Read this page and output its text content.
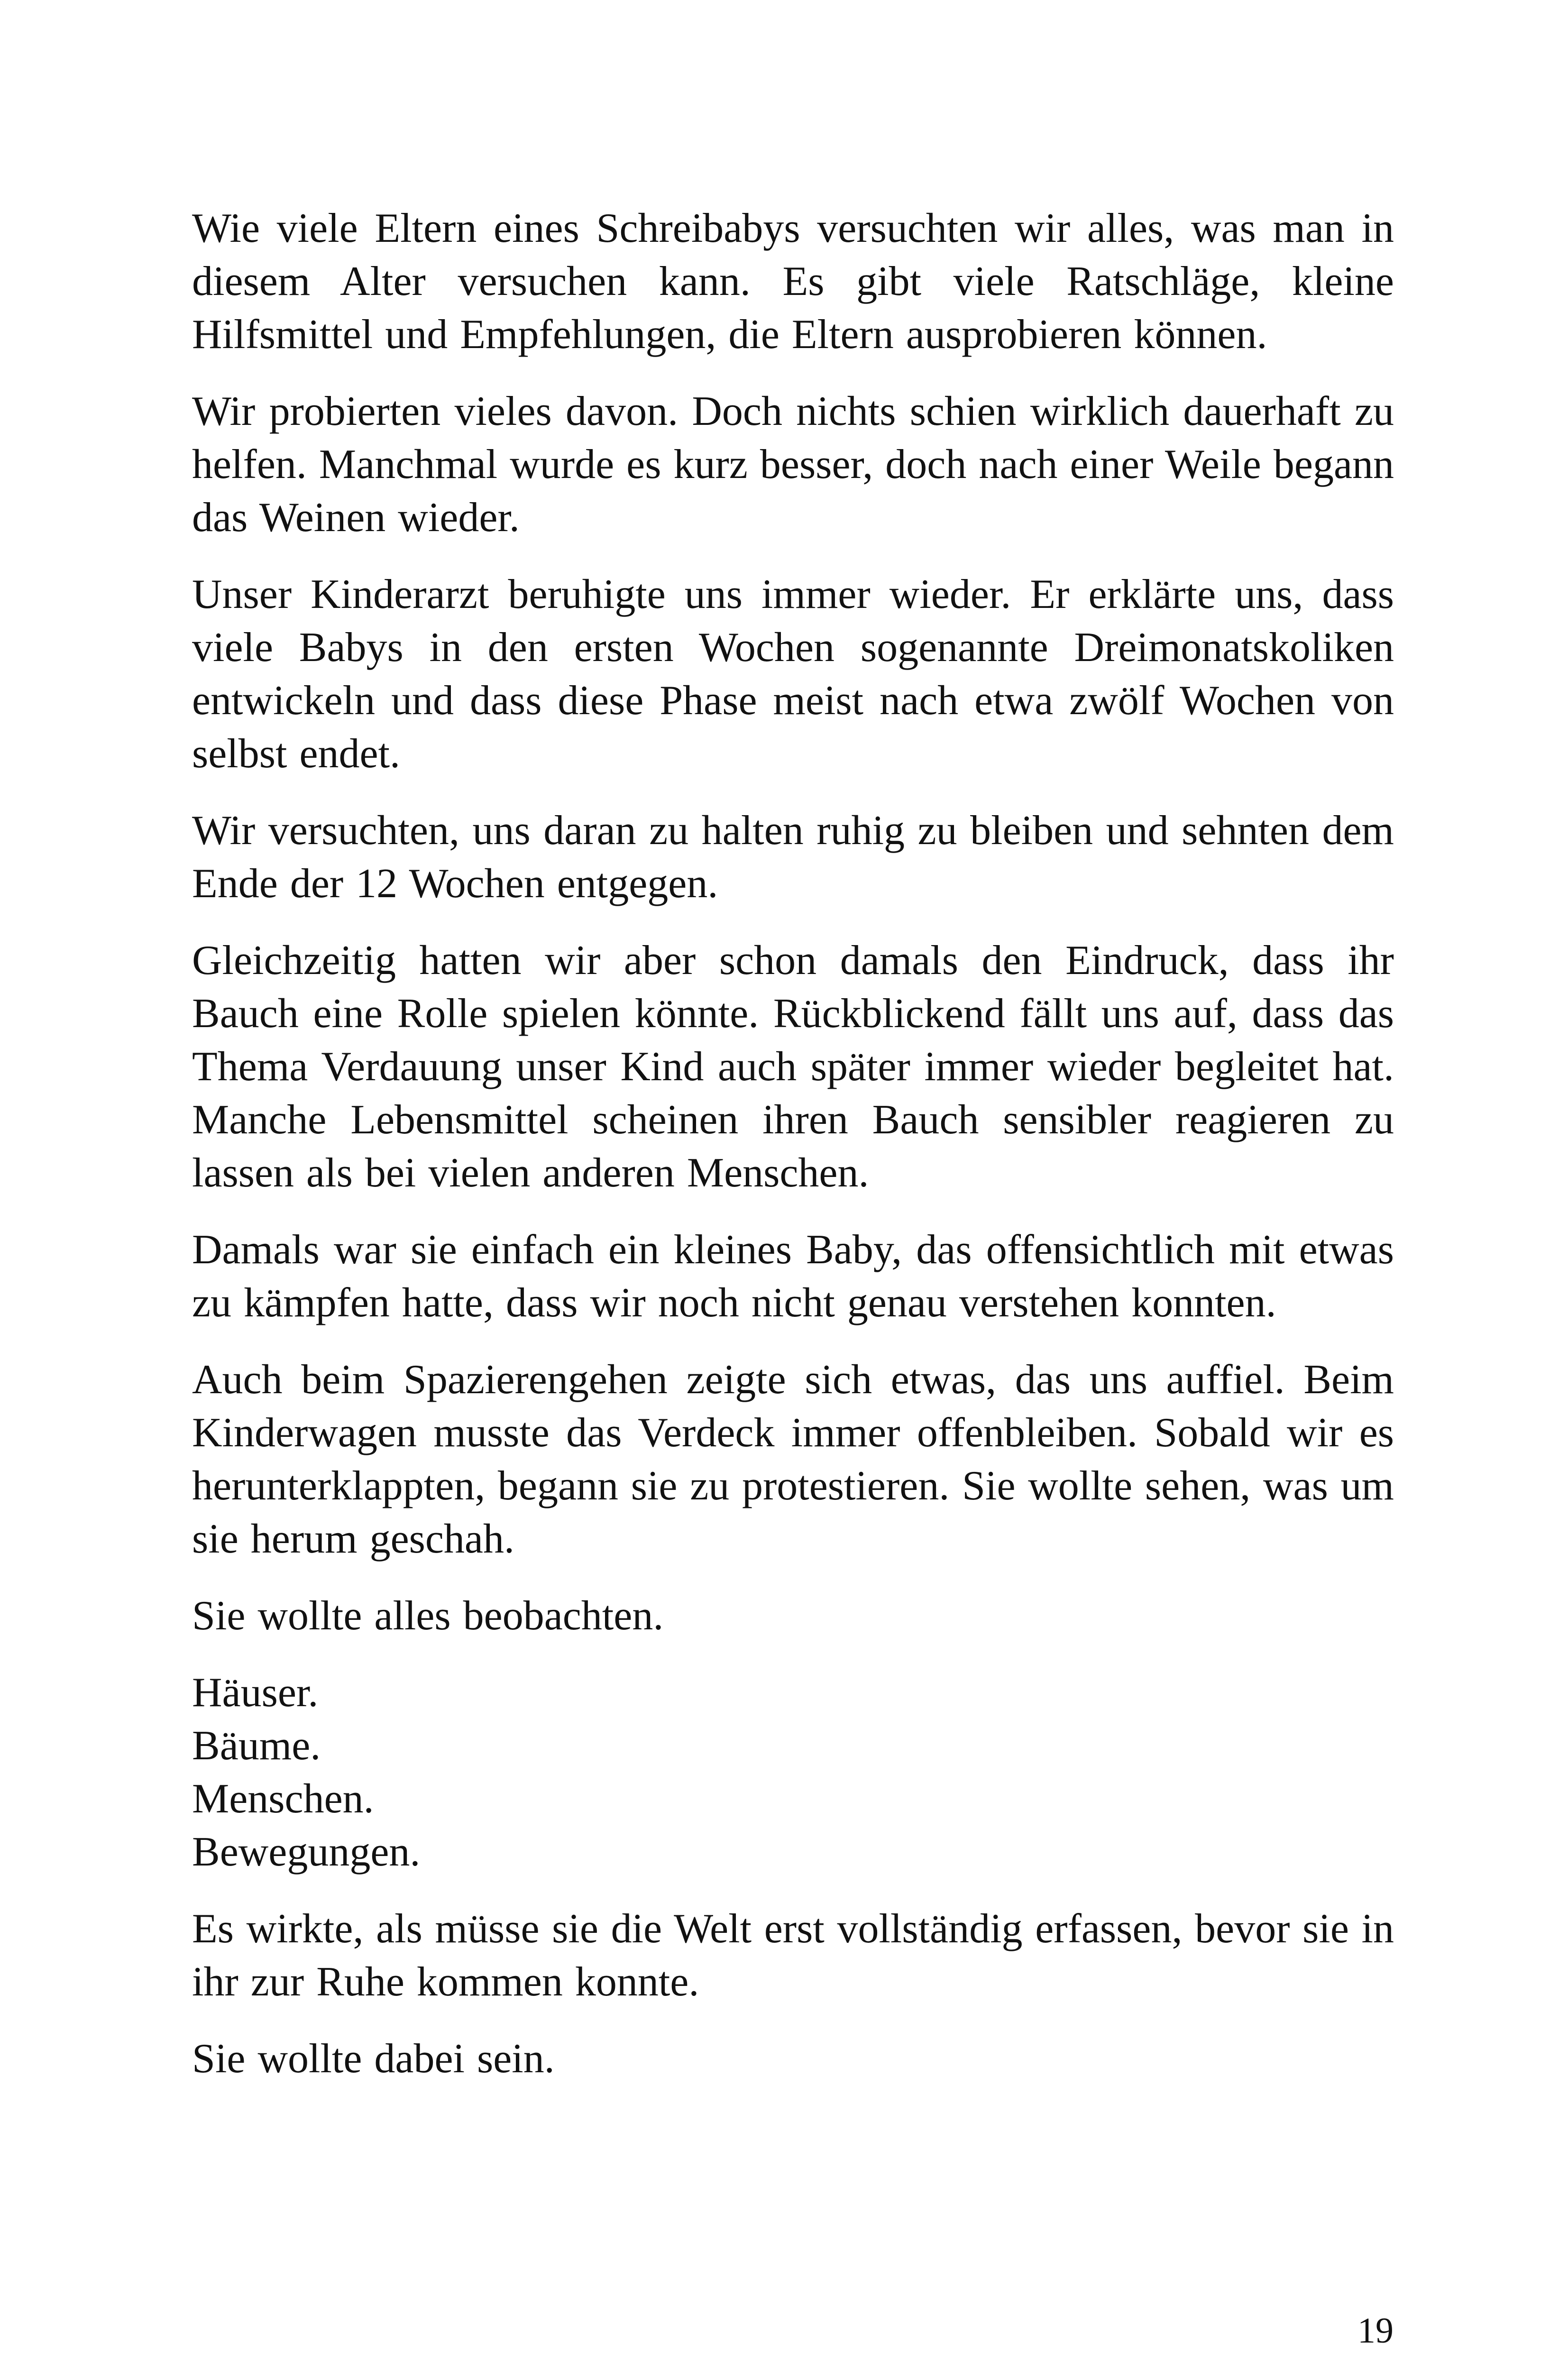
Wie viele Eltern eines Schreibabys versuchten wir alles, was man in diesem Alter versuchen kann. Es gibt viele Ratschläge, kleine Hilfsmittel und Empfehlungen, die Eltern ausprobieren können.

Wir probierten vieles davon. Doch nichts schien wirklich dauerhaft zu helfen. Manchmal wurde es kurz besser, doch nach einer Weile begann das Weinen wieder.

Unser Kinderarzt beruhigte uns immer wieder. Er erklärte uns, dass viele Babys in den ersten Wochen sogenannte Dreimonatskoliken entwickeln und dass diese Phase meist nach etwa zwölf Wochen von selbst endet.

Wir versuchten, uns daran zu halten ruhig zu bleiben und sehnten dem Ende der 12 Wochen entgegen.

Gleichzeitig hatten wir aber schon damals den Eindruck, dass ihr Bauch eine Rolle spielen könnte. Rückblickend fällt uns auf, dass das Thema Verdauung unser Kind auch später immer wieder begleitet hat. Manche Lebensmittel scheinen ihren Bauch sensibler reagieren zu lassen als bei vielen anderen Menschen.

Damals war sie einfach ein kleines Baby, das offensichtlich mit etwas zu kämpfen hatte, dass wir noch nicht genau verstehen konnten.

Auch beim Spazierengehen zeigte sich etwas, das uns auffiel. Beim Kinderwagen musste das Verdeck immer offenbleiben. Sobald wir es herunterklappten, begann sie zu protestieren. Sie wollte sehen, was um sie herum geschah.

Sie wollte alles beobachten.

Häuser.
Bäume.
Menschen.
Bewegungen.

Es wirkte, als müsse sie die Welt erst vollständig erfassen, bevor sie in ihr zur Ruhe kommen konnte.

Sie wollte dabei sein.

19
